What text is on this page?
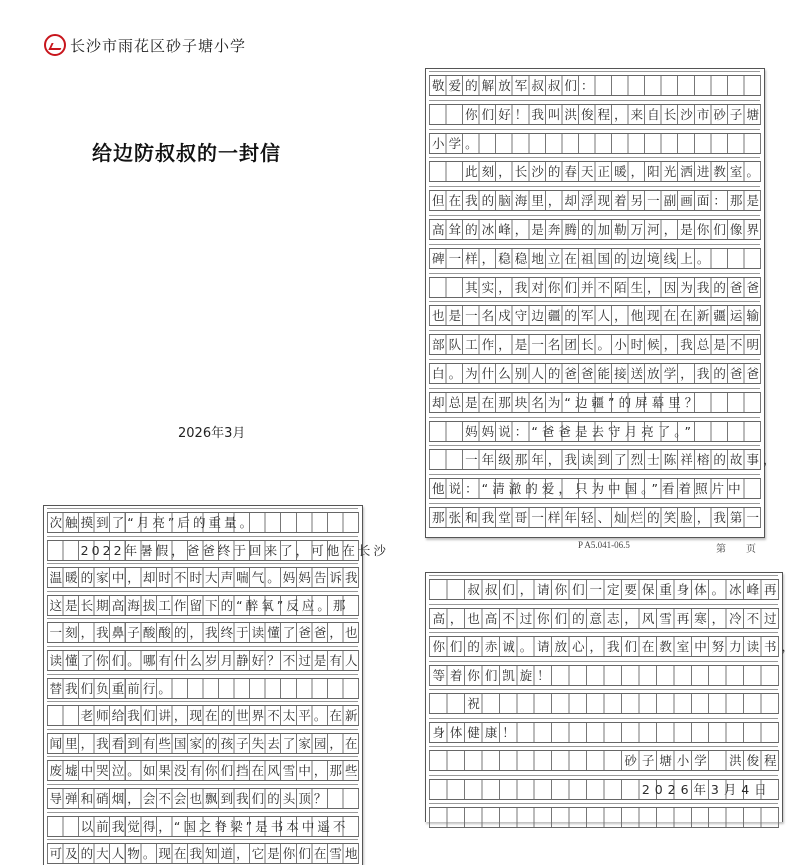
长沙市雨花区砂子塘小学
给边防叔叔的一封信
2026年3月
敬爱的解放军叔叔们：
　　你们好！我叫洪俊程，来自长沙市砂子塘
小学。
　　此刻，长沙的春天正暖，阳光洒进教室。
但在我的脑海里，却浮现着另一副画面：那是
高耸的冰峰，是奔腾的加勒万河，是你们像界
碑一样，稳稳地立在祖国的边境线上。
　　其实，我对你们并不陌生，因为我的爸爸
也是一名戍守边疆的军人，他现在在新疆运输
部队工作，是一名团长。小时候，我总是不明
白。为什么别人的爸爸能接送放学，我的爸爸
却总是在那块名为“边疆”的屏幕里？
　　妈妈说：“爸爸是去守月亮了。”
　　一年级那年，我读到了烈士陈祥榕的故事，
他说：“清澈的爱，只为中国。”看着照片中
那张和我堂哥一样年轻、灿烂的笑脸，我第一
P A5.041-06.5	第　　页
次触摸到了“月亮”后的重量。
　　2022年暑假，爸爸终于回来了，可他在长沙
温暖的家中，却时不时大声喘气。妈妈告诉我
这是长期高海拔工作留下的“醉氧”反应。那
一刻，我鼻子酸酸的，我终于读懂了爸爸，也
读懂了你们。哪有什么岁月静好？不过是有人
替我们负重前行。
　　老师给我们讲，现在的世界不太平。在新
闻里，我看到有些国家的孩子失去了家园，在
废墟中哭泣。如果没有你们挡在风雪中，那些
导弹和硝烟，会不会也飘到我们的头顶？
　　以前我觉得，“国之脊梁”是书本中遥不
可及的大人物。现在我知道，它是你们在雪地
　　叔叔们，请你们一定要保重身体。冰峰再
高，也高不过你们的意志，风雪再寒，冷不过
你们的赤诚。请放心，我们在教室中努力读书，
等着你们凯旋！
　　祝
身体健康！
　　　　　　　　　　　砂子塘小学　洪俊程
　　　　　　　　　　　　2026年3月4日
